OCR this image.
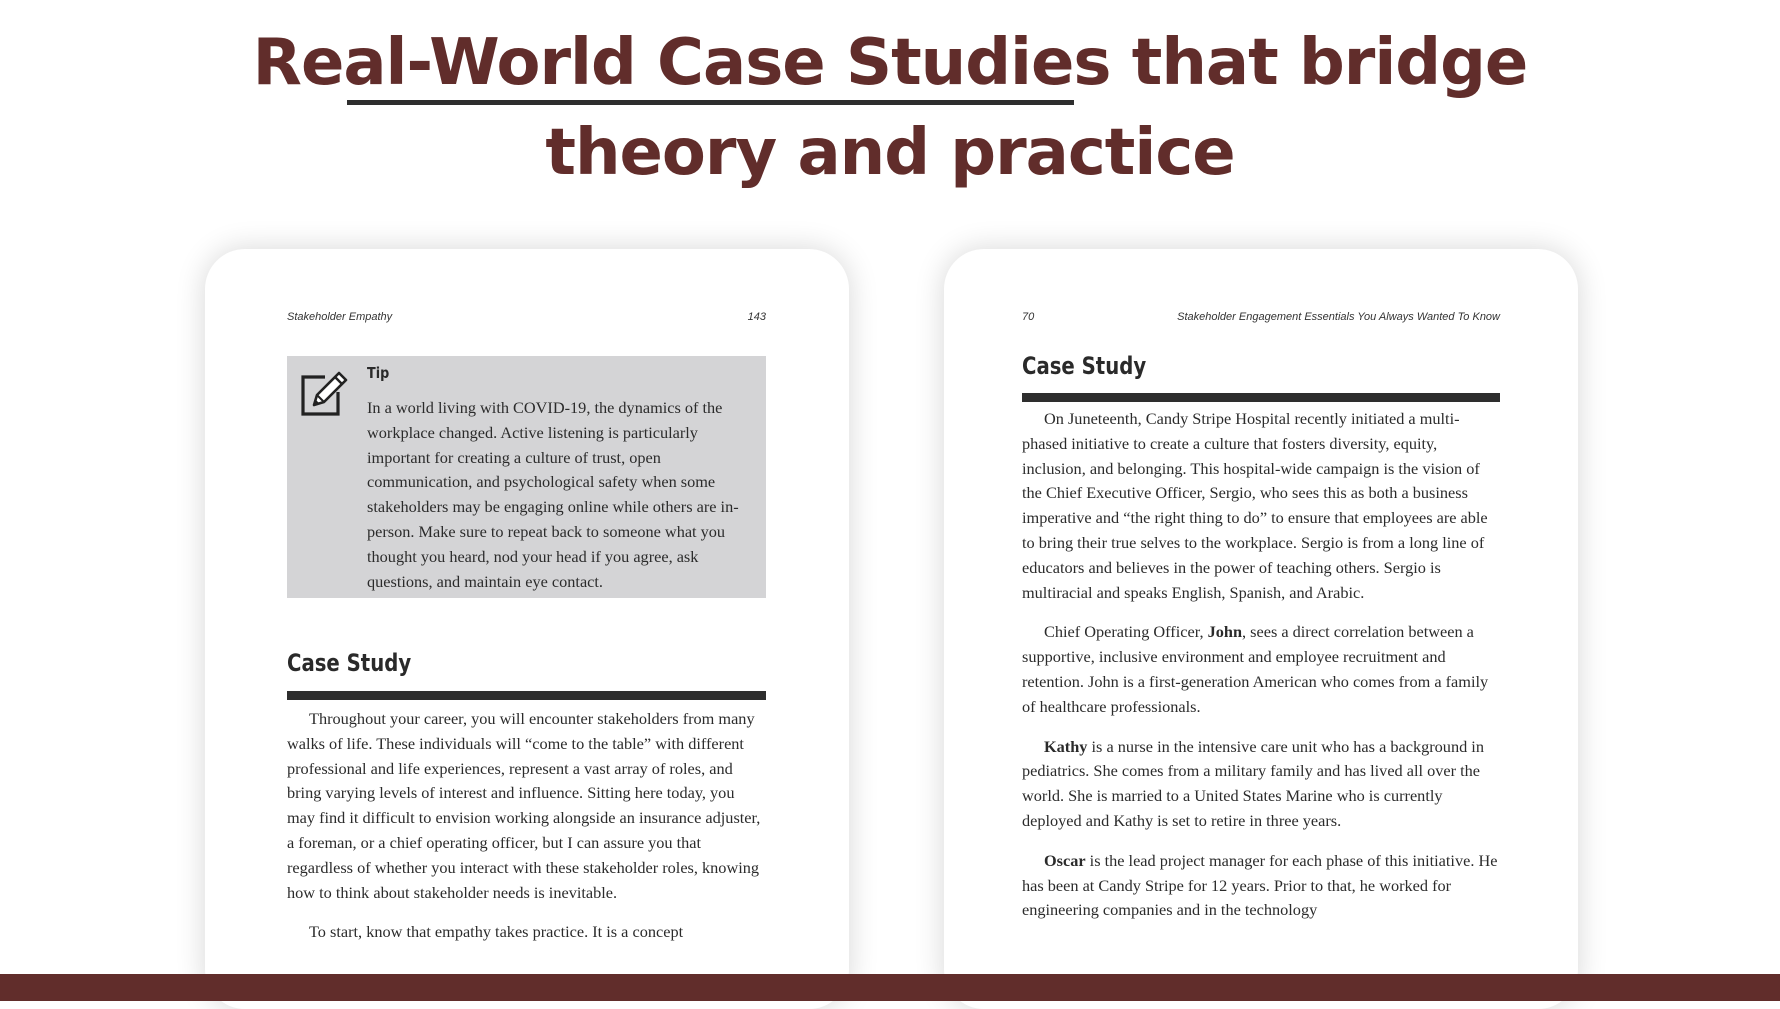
Real-World Case Studies that bridge
theory and practice
Stakeholder Empathy	143
Tip

In a world living with COVID-19, the dynamics of the workplace changed. Active listening is particularly important for creating a culture of trust, open communication, and psychological safety when some stakeholders may be engaging online while others are in-person. Make sure to repeat back to someone what you thought you heard, nod your head if you agree, ask questions, and maintain eye contact.

Case Study

Throughout your career, you will encounter stakeholders from many walks of life. These individuals will “come to the table” with different professional and life experiences, represent a vast array of roles, and bring varying levels of interest and influence. Sitting here today, you may find it difficult to envision working alongside an insurance adjuster, a foreman, or a chief operating officer, but I can assure you that regardless of whether you interact with these stakeholder roles, knowing how to think about stakeholder needs is inevitable.

To start, know that empathy takes practice. It is a concept

70	Stakeholder Engagement Essentials You Always Wanted To Know
Case Study

On Juneteenth, Candy Stripe Hospital recently initiated a multi-phased initiative to create a culture that fosters diversity, equity, inclusion, and belonging. This hospital-wide campaign is the vision of the Chief Executive Officer, Sergio, who sees this as both a business imperative and “the right thing to do” to ensure that employees are able to bring their true selves to the workplace. Sergio is from a long line of educators and believes in the power of teaching others. Sergio is multiracial and speaks English, Spanish, and Arabic.

Chief Operating Officer, John, sees a direct correlation between a supportive, inclusive environment and employee recruitment and retention. John is a first-generation American who comes from a family of healthcare professionals.

Kathy is a nurse in the intensive care unit who has a background in pediatrics. She comes from a military family and has lived all over the world. She is married to a United States Marine who is currently deployed and Kathy is set to retire in three years.

Oscar is the lead project manager for each phase of this initiative. He has been at Candy Stripe for 12 years. Prior to that, he worked for engineering companies and in the technology
